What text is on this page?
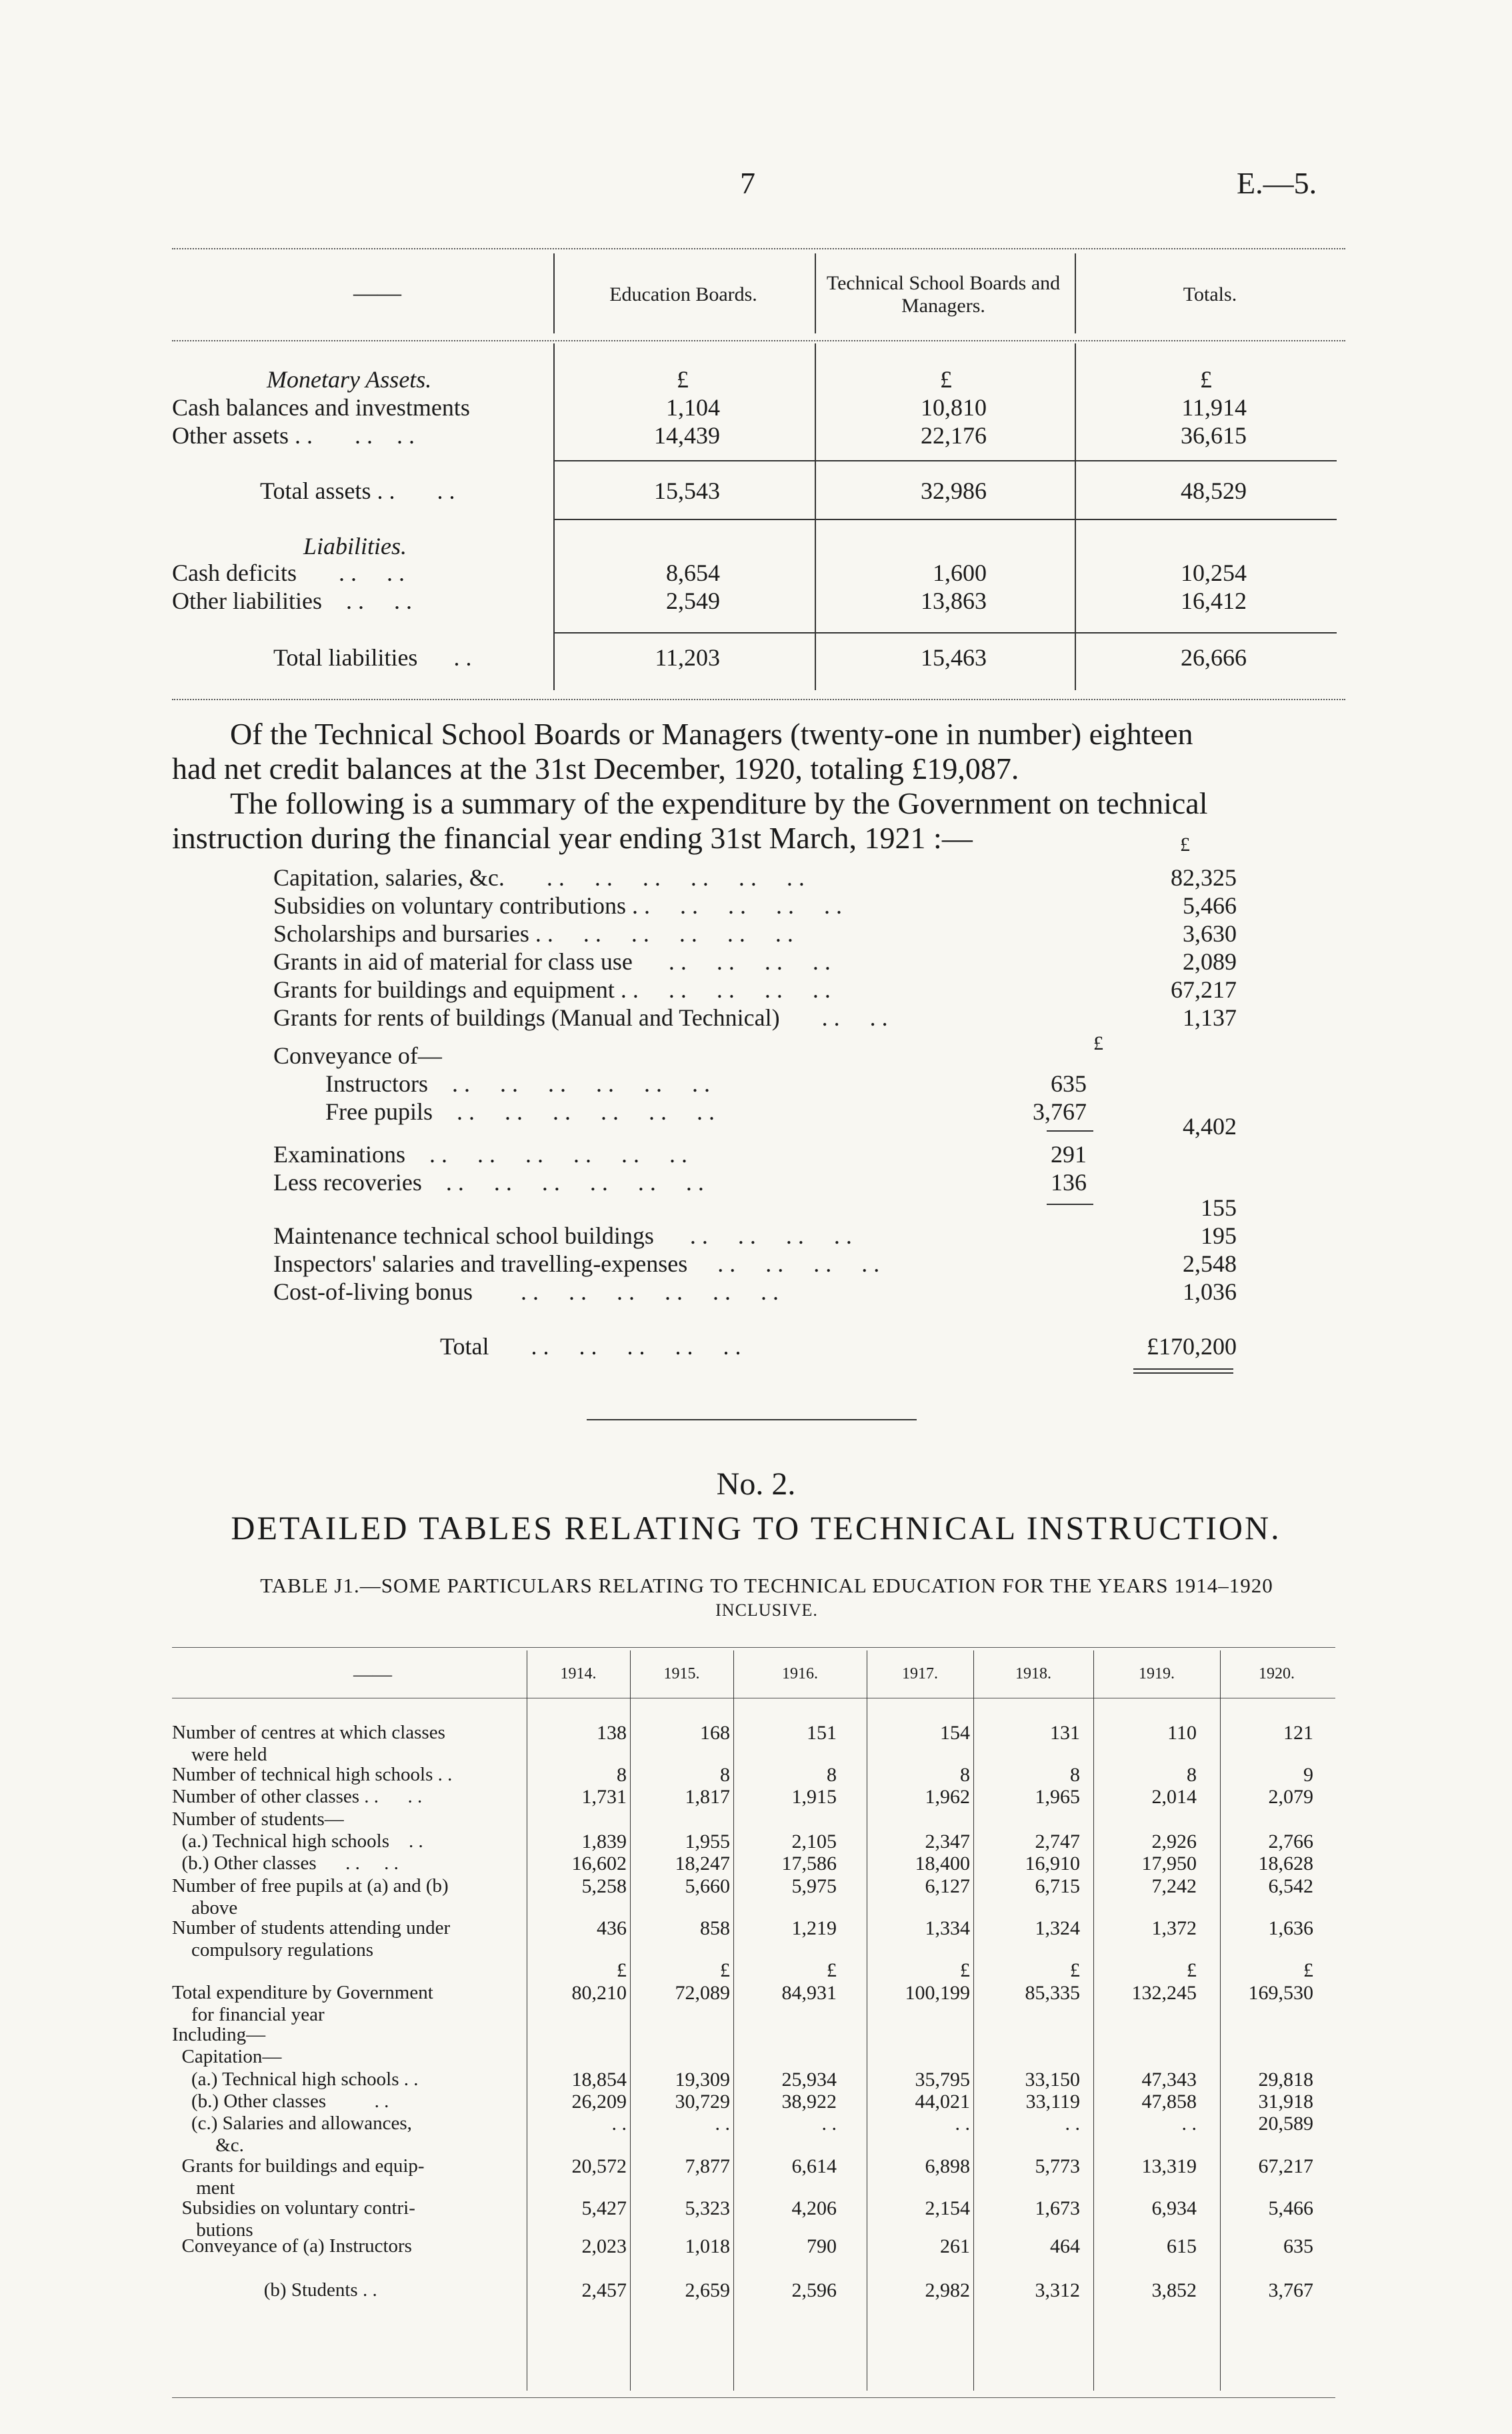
7	E.—5.
——	Education Boards.
Technical School Boards and Managers.
Totals.
Monetary Assets.	£	£	£
Cash balances and investments	1,104	10,810	11,914
Other assets . .       . .    . .	14,439	22,176	36,615
Total assets . .       . .	15,543	32,986	48,529
Liabilities.
Cash deficits       . .     . .	8,654	1,600	10,254
Other liabilities    . .     . .	2,549	13,863	16,412
Total liabilities      . .	11,203	15,463	26,666
Of the Technical School Boards or Managers (twenty-one in number) eighteen
had net credit balances at the 31st December, 1920, totaling £19,087.
The following is a summary of the expenditure by the Government on technical
instruction during the financial year ending 31st March, 1921 :—	£
Capitation, salaries, &c.       . .     . .     . .     . .     . .     . .	82,325
Subsidies on voluntary contributions . .     . .     . .     . .     . .	5,466
Scholarships and bursaries . .     . .     . .     . .     . .     . .	3,630
Grants in aid of material for class use      . .     . .     . .     . .	2,089
Grants for buildings and equipment . .     . .     . .     . .     . .	67,217
Grants for rents of buildings (Manual and Technical)       . .     . .	1,137
£
Conveyance of—
Instructors    . .     . .     . .     . .     . .     . .	635
Free pupils    . .     . .     . .     . .     . .     . .	3,767
4,402
Examinations    . .     . .     . .     . .     . .     . .	291
Less recoveries    . .     . .     . .     . .     . .     . .	136
155
Maintenance technical school buildings      . .     . .     . .     . .	195
Inspectors' salaries and travelling-expenses     . .     . .     . .     . .	2,548
Cost-of-living bonus        . .     . .     . .     . .     . .     . .	1,036
Total       . .     . .     . .     . .     . .	£170,200
No. 2.
DETAILED TABLES RELATING TO TECHNICAL INSTRUCTION.
TABLE J1.—SOME PARTICULARS RELATING TO TECHNICAL EDUCATION FOR THE YEARS 1914–1920
INCLUSIVE.
——	1914.	1915.	1916.	1917.	1918.	1919.	1920.
Number of centres at which classes
were held
138	168	151	154	131	110	121
Number of technical high schools . .	8	8	8	8	8	8	9
Number of other classes . .      . .	1,731	1,817	1,915	1,962	1,965	2,014	2,079
Number of students—
(a.) Technical high schools    . .	1,839	1,955	2,105	2,347	2,747	2,926	2,766
(b.) Other classes      . .     . .	16,602	18,247	17,586	18,400	16,910	17,950	18,628
Number of free pupils at (a) and (b)
above
5,258	5,660	5,975	6,127	6,715	7,242	6,542
Number of students attending under
compulsory regulations
436	858	1,219	1,334	1,324	1,372	1,636
£	£	£	£	£	£	£
Total expenditure by Government
for financial year
80,210	72,089	84,931	100,199	85,335	132,245	169,530
Including—
Capitation—
(a.) Technical high schools . .	18,854	19,309	25,934	35,795	33,150	47,343	29,818
(b.) Other classes          . .	26,209	30,729	38,922	44,021	33,119	47,858	31,918
(c.) Salaries and allowances,
&c.
. .	. .	. .	. .	. .	. .	20,589
Grants for buildings and equip-
ment
20,572	7,877	6,614	6,898	5,773	13,319	67,217
Subsidies on voluntary contri-
butions
5,427	5,323	4,206	2,154	1,673	6,934	5,466
Conveyance of (a) Instructors	2,023	1,018	790	261	464	615	635
(b) Students . .	2,457	2,659	2,596	2,982	3,312	3,852	3,767
